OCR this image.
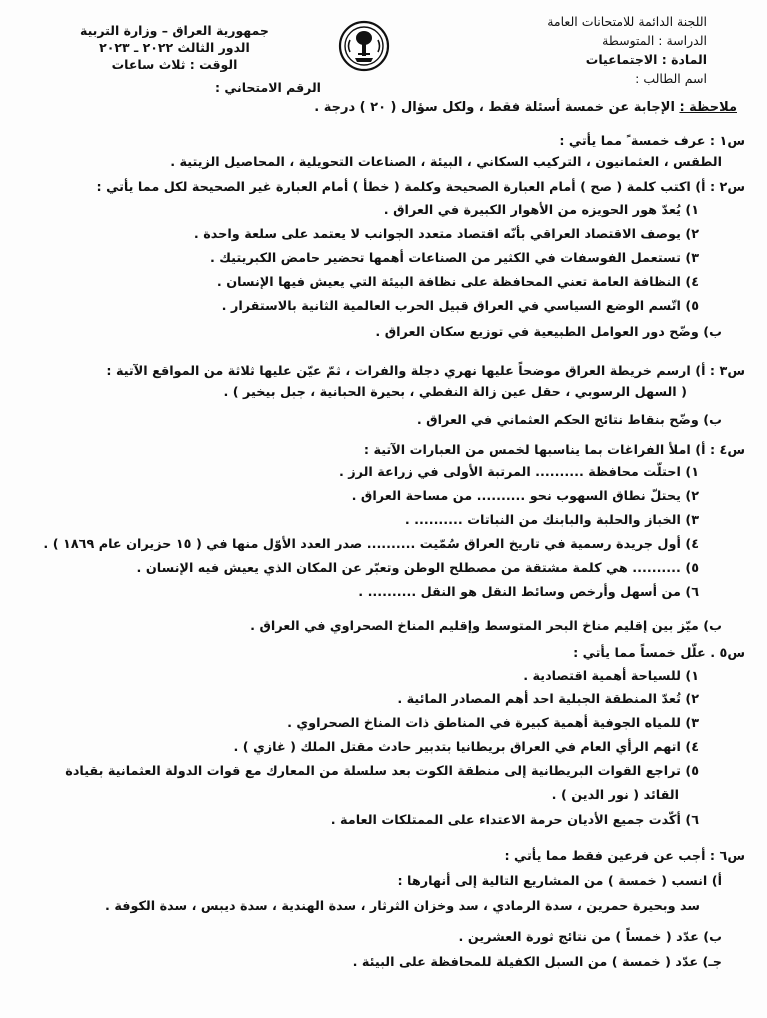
اللجنة الدائمة للامتحانات العامة
الدراسة : المتوسطة
المادة : الاجتماعيات
اسم الطالب :
جمهورية العراق – وزارة التربية
الدور الثالث ٢٠٢٢ ـ ٢٠٢٣
الوقت : ثلاث ساعات
الرقم الامتحاني :
ملاحظة : الإجابة عن خمسة أسئلة فقط ، ولكل سؤال ( ٢٠ ) درجة .
س١ : عرف خمسة ً مما يأتي :
الطقس ، العثمانيون ، التركيب السكاني ، البيئة ، الصناعات التحويلية ، المحاصيل الزيتية .
س٢ : أ) اكتب كلمة ( صح ) أمام العبارة الصحيحة وكلمة ( خطأ ) أمام العبارة غير الصحيحة لكل مما يأتي :
١) يُعدّ هور الحويزه من الأهوار الكبيرة في العراق .
٢) يوصف الاقتصاد العراقي بأنّه اقتصاد متعدد الجوانب لا يعتمد على سلعة واحدة .
٣) تستعمل الفوسفات في الكثير من الصناعات أهمها تحضير حامض الكبريتيك .
٤) النظافة العامة تعني المحافظة على نظافة البيئة التي يعيش فيها الإنسان .
٥) اتّسم الوضع السياسي في العراق قبيل الحرب العالمية الثانية بالاستقرار .
ب) وضّح دور العوامل الطبيعية في توزيع سكان العراق .
س٣ : أ) ارسم خريطة العراق موضحاً عليها نهري دجلة والفرات ، ثمّ عيّن عليها ثلاثة من المواقع الآتية :
( السهل الرسوبي ، حقل عين زالة النفطي ، بحيرة الحبانية ، جبل بيخير ) .
ب) وضّح بنقاط نتائج الحكم العثماني في العراق .
س٤ : أ) املأ الفراغات بما يناسبها لخمس من العبارات الآتية :
١) احتلّت محافظة .......... المرتبة الأولى في زراعة الرز .
٢) يحتلّ نطاق السهوب نحو .......... من مساحة العراق .
٣) الخباز والحلبة والبابنك من النباتات .......... .
٤) أول جريدة رسمية في تاريخ العراق سُمّيت .......... صدر العدد الأوّل منها في ( ١٥ حزيران عام ١٨٦٩ ) .
٥) .......... هي كلمة مشتقة من مصطلح الوطن وتعبّر عن المكان الذي يعيش فيه الإنسان .
٦) من أسهل وأرخص وسائط النقل هو النقل .......... .
ب) ميّز بين إقليم مناخ البحر المتوسط وإقليم المناخ الصحراوي في العراق .
س٥ . علّل خمساً مما يأتي :
١) للسياحة أهمية اقتصادية .
٢) تُعدّ المنطقة الجبلية احد أهم المصادر المائية .
٣) للمياه الجوفية أهمية كبيرة في المناطق ذات المناخ الصحراوي .
٤) اتهم الرأي العام في العراق بريطانيا بتدبير حادث مقتل الملك ( غازي ) .
٥) تراجع القوات البريطانية إلى منطقة الكوت بعد سلسلة من المعارك مع قوات الدولة العثمانية بقيادة
القائد ( نور الدين ) .
٦) أكّدت جميع الأديان حرمة الاعتداء على الممتلكات العامة .
س٦ : أجب عن فرعين فقط مما يأتي :
أ) انسب ( خمسة ) من المشاريع التالية إلى أنهارها :
سد وبحيرة حمرين ، سدة الرمادي ، سد وخزان الثرثار ، سدة الهندية ، سدة ديبس ، سدة الكوفة .
ب) عدّد ( خمساً ) من نتائج ثورة العشرين .
جـ) عدّد ( خمسة ) من السبل الكفيلة للمحافظة على البيئة .
